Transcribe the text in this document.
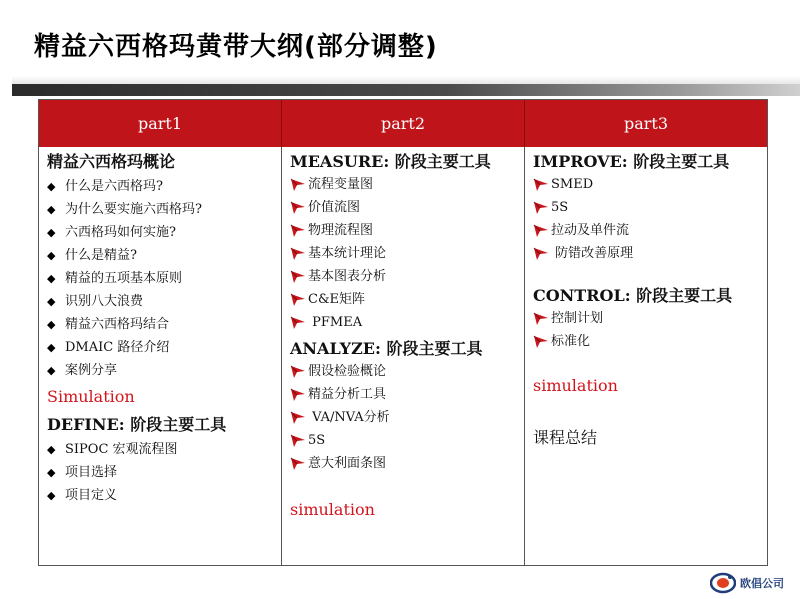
精益六西格玛黄带大纲(部分调整)
part1	part2	part3
精益六西格玛概论
◆ 什么是六西格玛?
◆ 为什么要实施六西格玛?
◆ 六西格玛如何实施?
◆ 什么是精益?
◆ 精益的五项基本原则
◆ 识别八大浪费
◆ 精益六西格玛结合
◆ DMAIC 路径介绍
◆ 案例分享
Simulation
DEFINE: 阶段主要工具
◆ SIPOC 宏观流程图
◆ 项目选择
◆ 项目定义
MEASURE: 阶段主要工具
流程变量图
价值流图
物理流程图
基本统计理论
基本图表分析
C&E矩阵
PFMEA
ANALYZE: 阶段主要工具
假设检验概论
精益分析工具
VA/NVA分析
5S
意大利面条图
simulation
IMPROVE: 阶段主要工具
SMED
5S
拉动及单件流
防错改善原理
CONTROL: 阶段主要工具
控制计划
标准化
simulation
课程总结
欧倡公司
